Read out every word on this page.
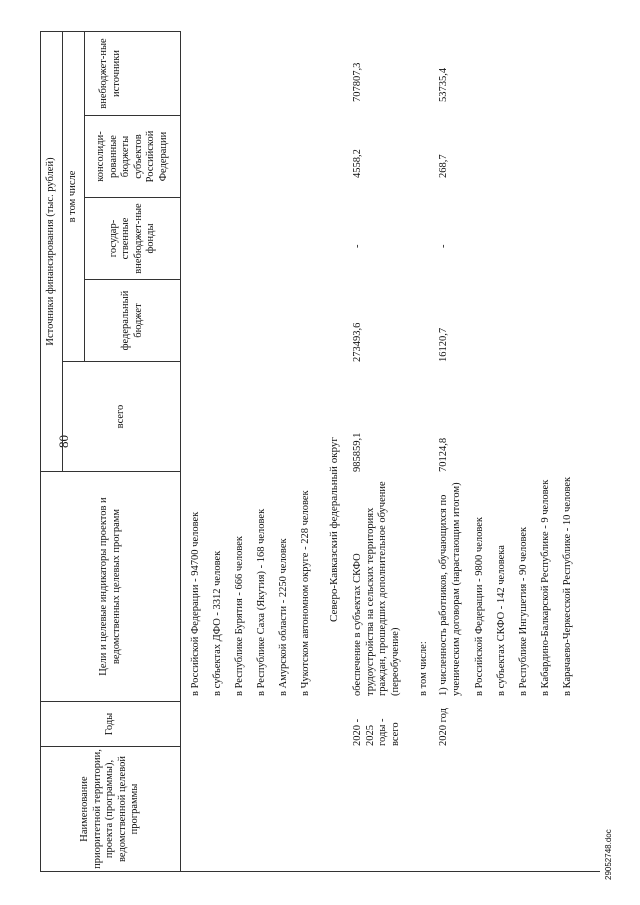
80
29052748.doc
Наименование приоритетной территории, проекта (программы), ведомственной целевой программы
Годы
Цели и целевые индикаторы проектов и ведомственных целевых программ
Источники финансирования (тыс. рублей)
всего
в том числе
федеральный бюджет
государ-ственные внебюджет-ные фонды
консолиди-рованные бюджеты субъектов Российской Федерации
внебюджет-ные источники
в Российской Федерации - 94700 человек в субъектах ДФО - 3312 человек в Республике Бурятия - 666 человек в Республике Саха (Якутия) - 168 человек в Амурской области - 2250 человек в Чукотском автономном округе - 228 человек Северо-Кавказский федеральный округ
2020 - 2025 годы - всего
обеспечение в субъектах СКФО трудоустройства на сельских территориях граждан, прошедших дополнительное обучение (переобучение)
985859,1
273493,6
-
4558,2
707807,3
в том числе:
2020 год
1) численность работников, обучающихся по ученическим договорам (нарастающим итогом)
70124,8
16120,7
-
268,7
53735,4
в Российской Федерации - 9800 человек в субъектах СКФО - 142 человека в Республике Ингушетия - 90 человек в Кабардино-Балкарской Республике - 9 человек в Карачаево-Черкесской Республике - 10 человек
